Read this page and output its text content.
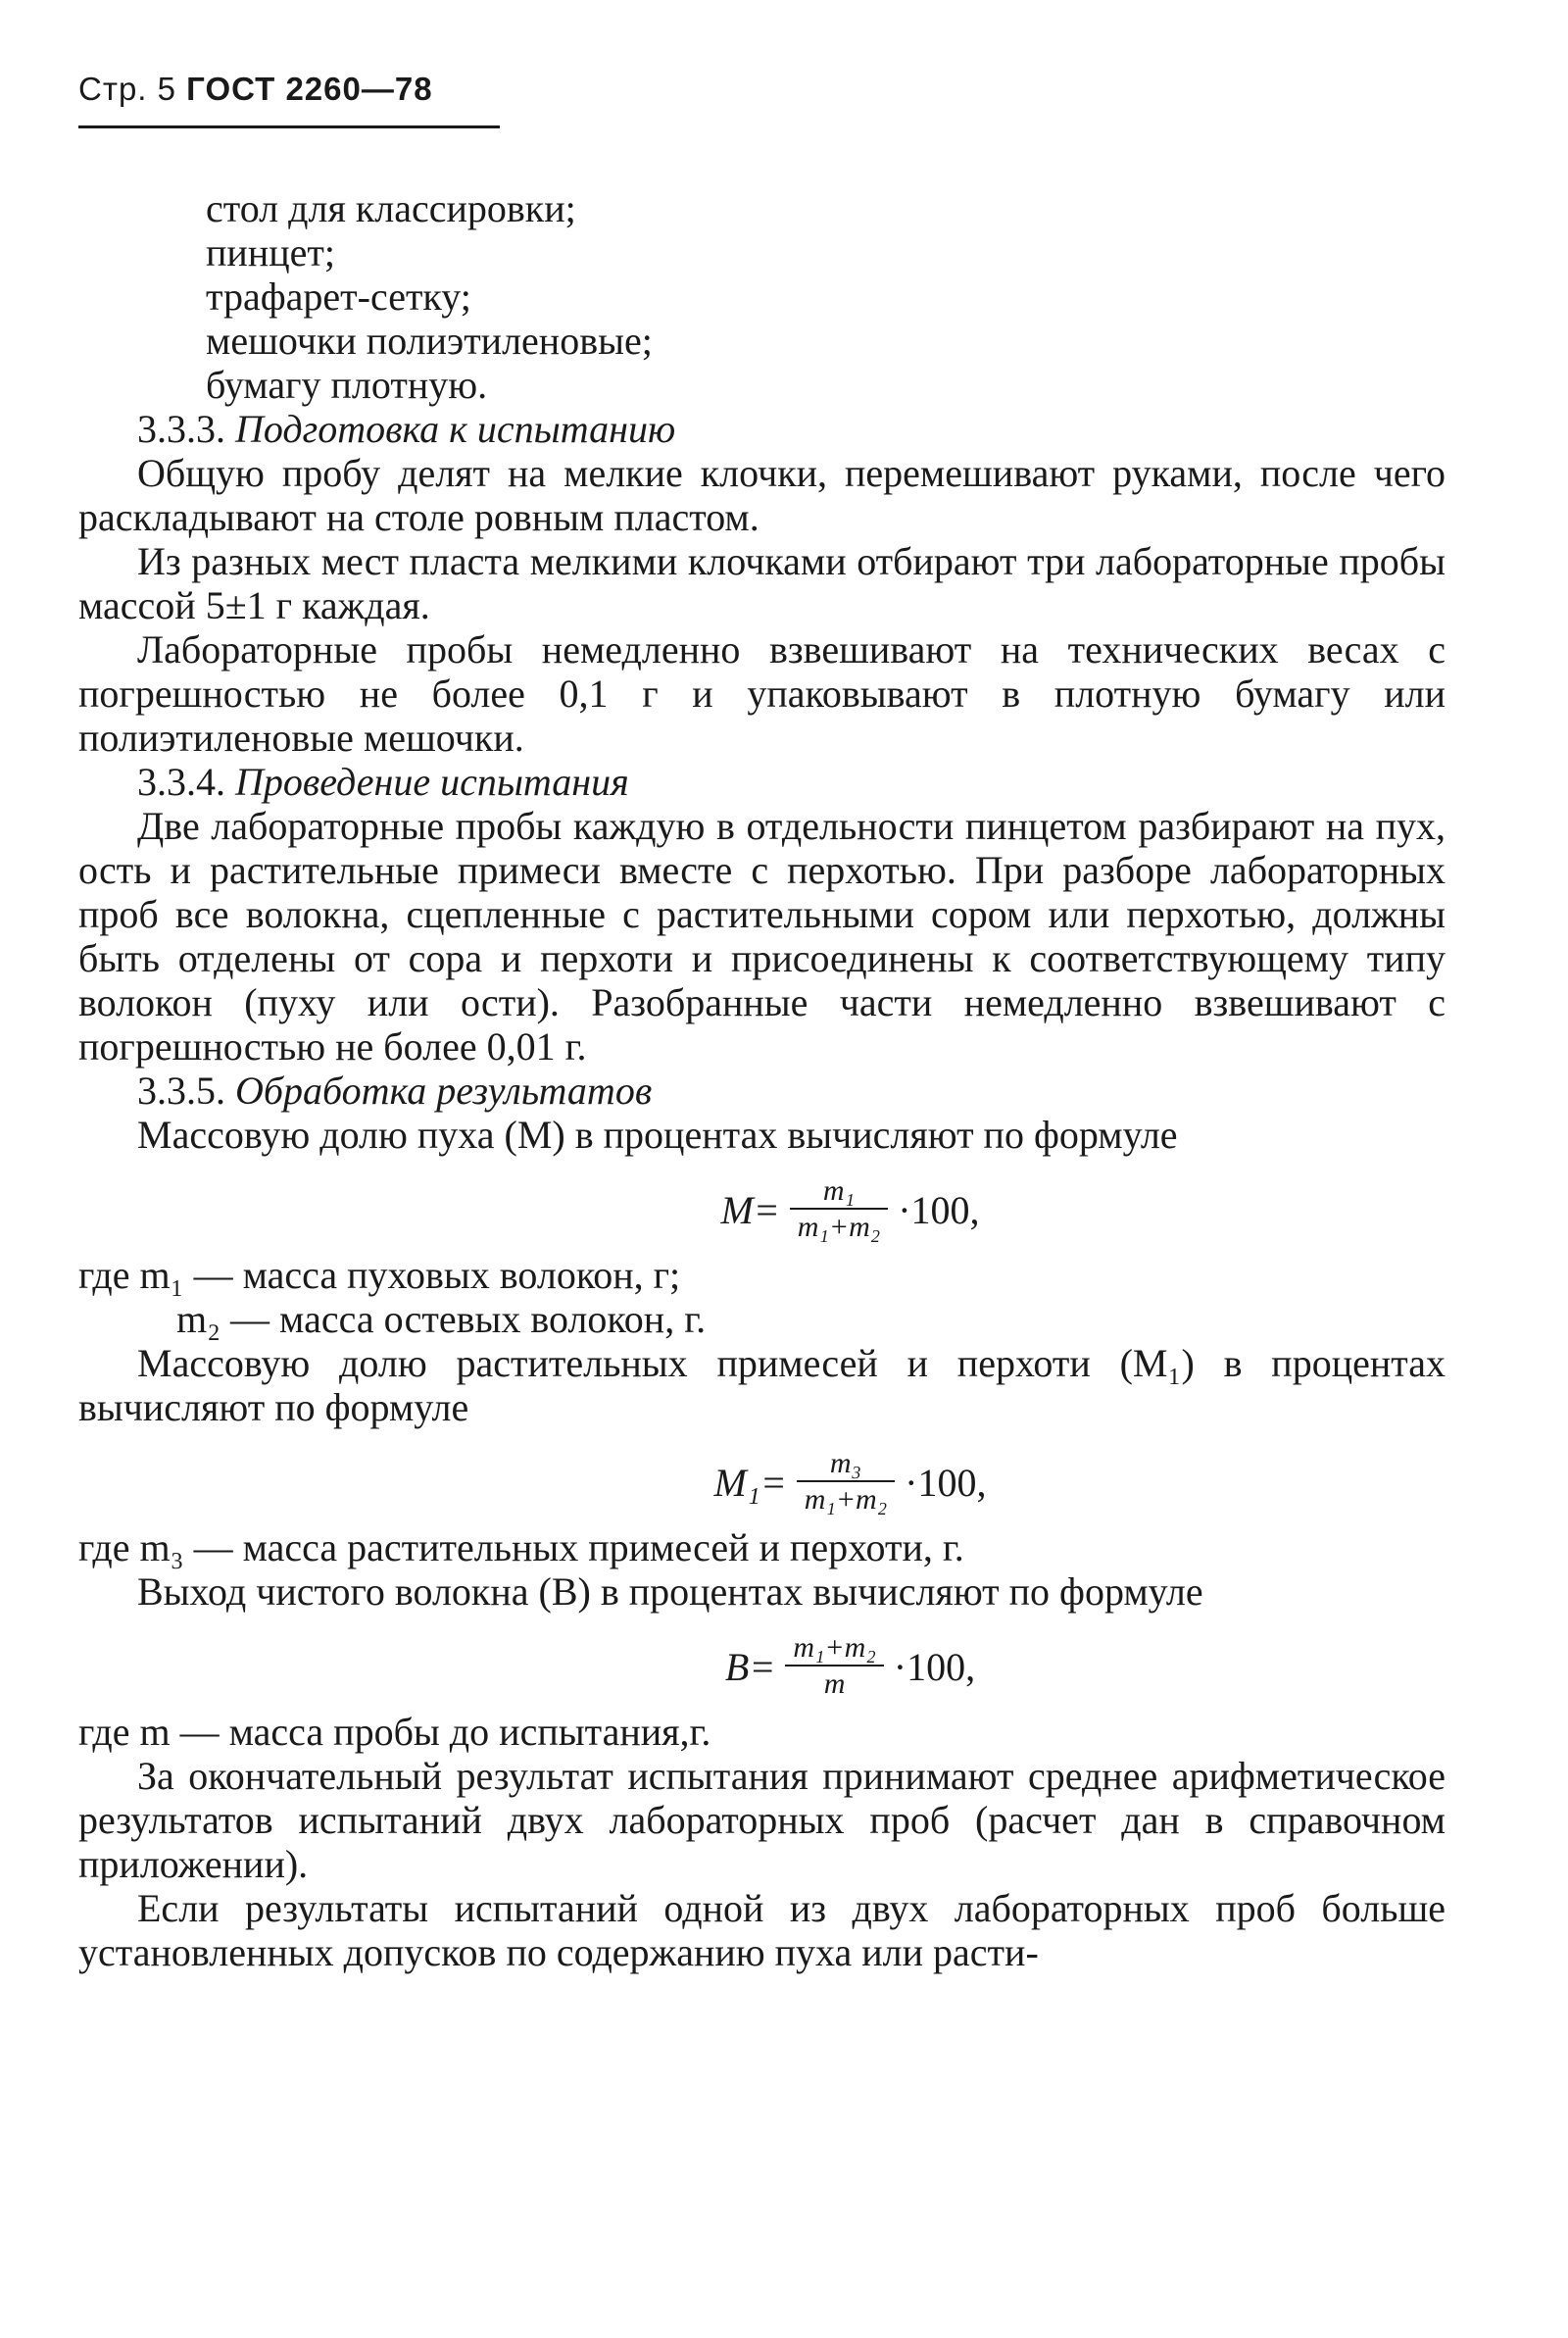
Стр. 5 ГОСТ 2260—78
стол для классировки;
пинцет;
трафарет-сетку;
мешочки полиэтиленовые;
бумагу плотную.
3.3.3. Подготовка к испытанию

Общую пробу делят на мелкие клочки, перемешивают руками, после чего раскладывают на столе ровным пластом.

Из разных мест пласта мелкими клочками отбирают три лабораторные пробы массой 5±1 г каждая.

Лабораторные пробы немедленно взвешивают на технических весах с погрешностью не более 0,1 г и упаковывают в плотную бумагу или полиэтиленовые мешочки.

3.3.4. Проведение испытания

Две лабораторные пробы каждую в отдельности пинцетом разбирают на пух, ость и растительные примеси вместе с перхотью. При разборе лабораторных проб все волокна, сцепленные с растительными сором или перхотью, должны быть отделены от сора и перхоти и присоединены к соответствующему типу волокон (пуху или ости). Разобранные части немедленно взвешивают с погрешностью не более 0,01 г.

3.3.5. Обработка результатов

Массовую долю пуха (М) в процентах вычисляют по формуле

$М= \frac{\text{m₁}}{\text{m₁+m₂}} \cdot 100$,

где m₁ — масса пуховых волокон, г;

m₂ — масса остевых волокон, г.

Массовую долю растительных примесей и перхоти (М₁) в процентах вычисляют по формуле

$М_1= \frac{\text{m₃}}{\text{m₁+m₂}} \cdot 100$,

где m₃ — масса растительных примесей и перхоти, г.

Выход чистого волокна (В) в процентах вычисляют по формуле

$В= \frac{\text{m₁+m₂}}{m} \cdot 100$,

где m — масса пробы до испытания,г.

За окончательный результат испытания принимают среднее арифметическое результатов испытаний двух лабораторных проб (расчет дан в справочном приложении).

Если результаты испытаний одной из двух лабораторных проб больше установленных допусков по содержанию пуха или расти-
